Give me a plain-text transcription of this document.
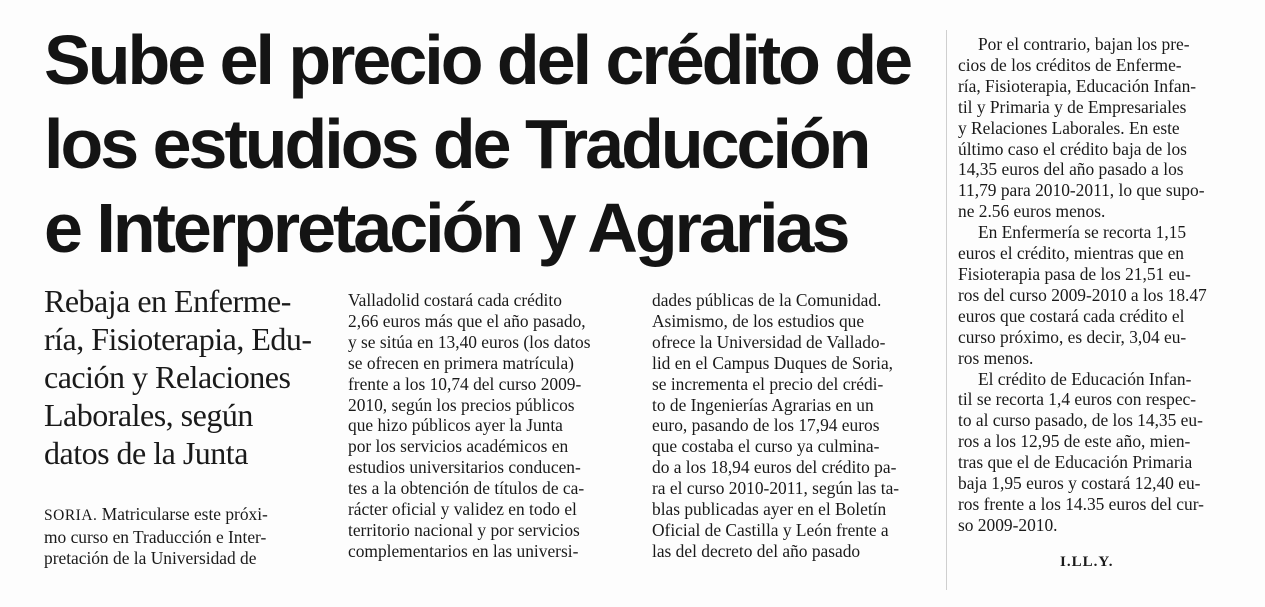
Sube el precio del crédito de
los estudios de Traducción
e Interpretación y Agrarias
Rebaja en Enferme-
ría, Fisioterapia, Edu-
cación y Relaciones
Laborales, según
datos de la Junta
SORIA. Matricularse este próxi-
mo curso en Traducción e Inter-
pretación de la Universidad de
Valladolid costará cada crédito
2,66 euros más que el año pasado,
y se sitúa en 13,40 euros (los datos
se ofrecen en primera matrícula)
frente a los 10,74 del curso 2009-
2010, según los precios públicos
que hizo públicos ayer la Junta
por los servicios académicos en
estudios universitarios conducen-
tes a la obtención de títulos de ca-
rácter oficial y validez en todo el
territorio nacional y por servicios
complementarios en las universi-
dades públicas de la Comunidad.
Asimismo, de los estudios que
ofrece la Universidad de Vallado-
lid en el Campus Duques de Soria,
se incrementa el precio del crédi-
to de Ingenierías Agrarias en un
euro, pasando de los 17,94 euros
que costaba el curso ya culmina-
do a los 18,94 euros del crédito pa-
ra el curso 2010-2011, según las ta-
blas publicadas ayer en el Boletín
Oficial de Castilla y León frente a
las del decreto del año pasado
Por el contrario, bajan los pre-
cios de los créditos de Enferme-
ría, Fisioterapia, Educación Infan-
til y Primaria y de Empresariales
y Relaciones Laborales. En este
último caso el crédito baja de los
14,35 euros del año pasado a los
11,79 para 2010-2011, lo que supo-
ne 2.56 euros menos.
En Enfermería se recorta 1,15
euros el crédito, mientras que en
Fisioterapia pasa de los 21,51 eu-
ros del curso 2009-2010 a los 18.47
euros que costará cada crédito el
curso próximo, es decir, 3,04 eu-
ros menos.
El crédito de Educación Infan-
til se recorta 1,4 euros con respec-
to al curso pasado, de los 14,35 eu-
ros a los 12,95 de este año, mien-
tras que el de Educación Primaria
baja 1,95 euros y costará 12,40 eu-
ros frente a los 14.35 euros del cur-
so 2009-2010.
I.LL.Y.
